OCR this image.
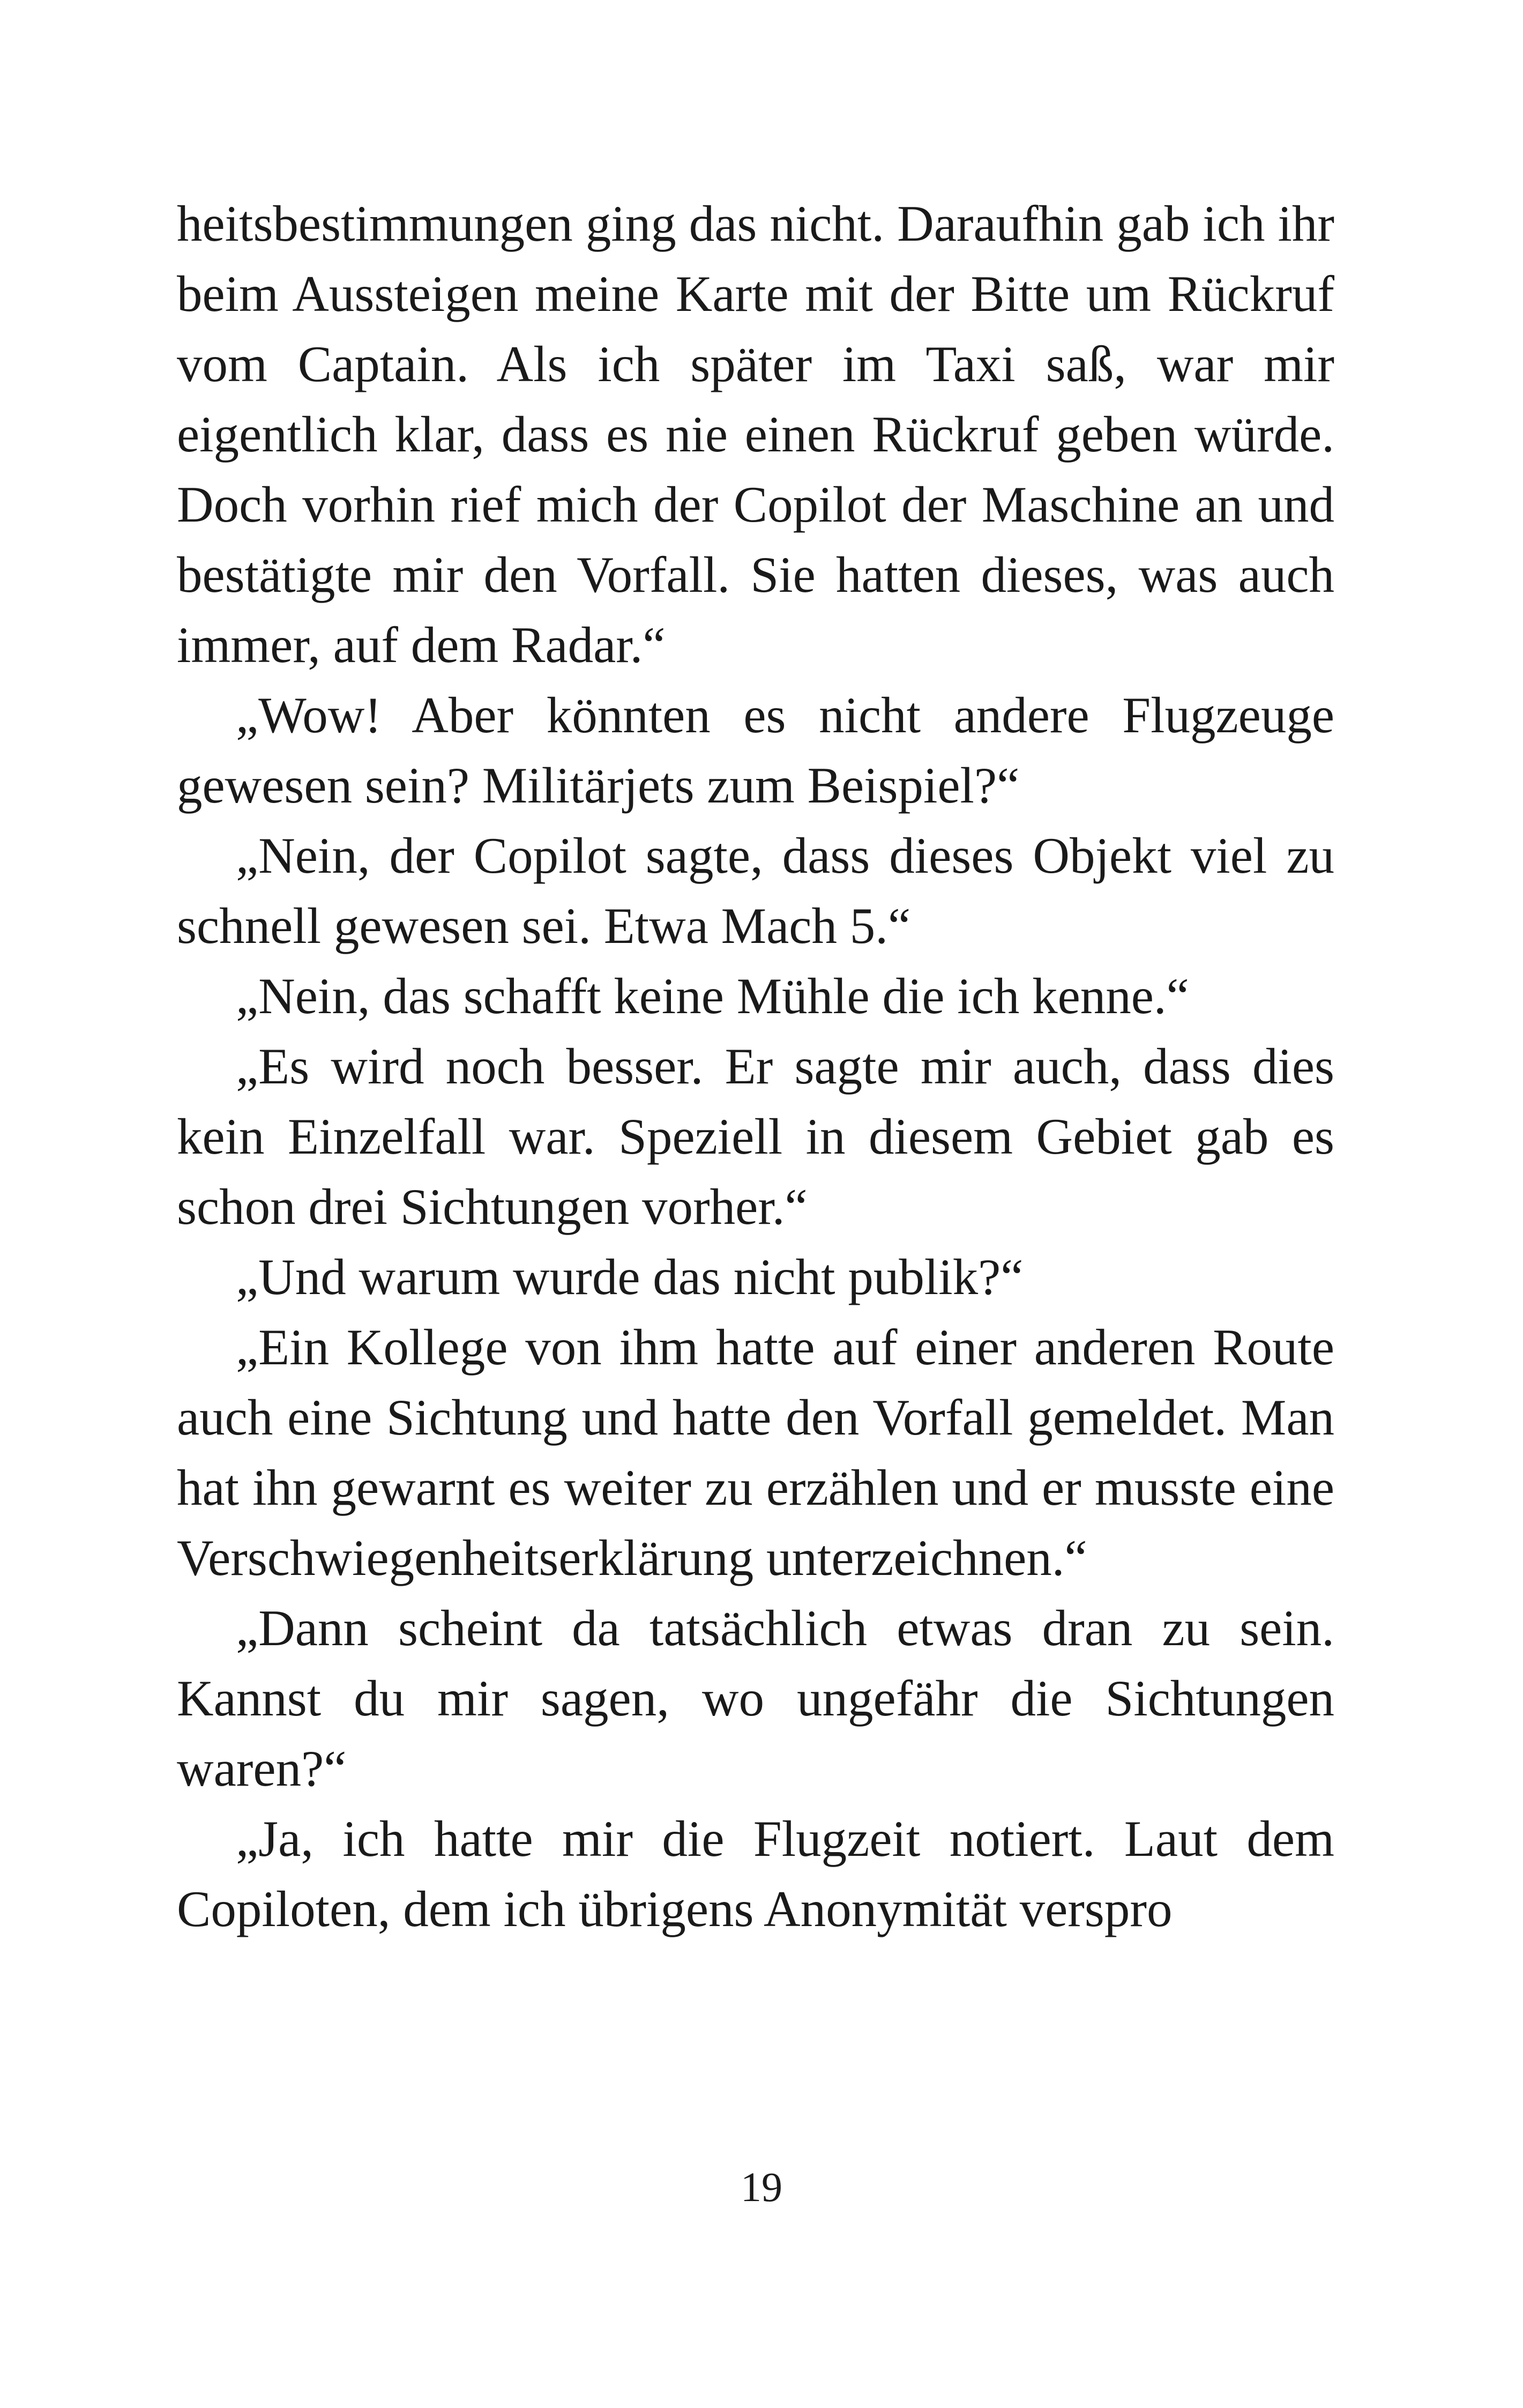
heitsbestimmungen ging das nicht. Daraufhin gab ich ihr beim Aussteigen meine Karte mit der Bitte um Rückruf vom Captain. Als ich später im Taxi saß, war mir eigentlich klar, dass es nie einen Rückruf geben würde. Doch vorhin rief mich der Copilot der Maschine an und bestätigte mir den Vorfall. Sie hatten dieses, was auch immer, auf dem Radar.“

„Wow! Aber könnten es nicht andere Flugzeuge gewesen sein? Militärjets zum Beispiel?“

„Nein, der Copilot sagte, dass dieses Objekt viel zu schnell gewesen sei. Etwa Mach 5.“

„Nein, das schafft keine Mühle die ich kenne.“

„Es wird noch besser. Er sagte mir auch, dass dies kein Einzelfall war. Speziell in diesem Gebiet gab es schon drei Sichtungen vorher.“

„Und warum wurde das nicht publik?“

„Ein Kollege von ihm hatte auf einer anderen Route auch eine Sichtung und hatte den Vorfall gemeldet. Man hat ihn gewarnt es weiter zu erzählen und er musste eine Verschwiegenheitserklärung unterzeichnen.“

„Dann scheint da tatsächlich etwas dran zu sein. Kannst du mir sagen, wo ungefähr die Sichtungen waren?“

„Ja, ich hatte mir die Flugzeit notiert. Laut dem Copiloten, dem ich übrigens Anonymität verspro

19
